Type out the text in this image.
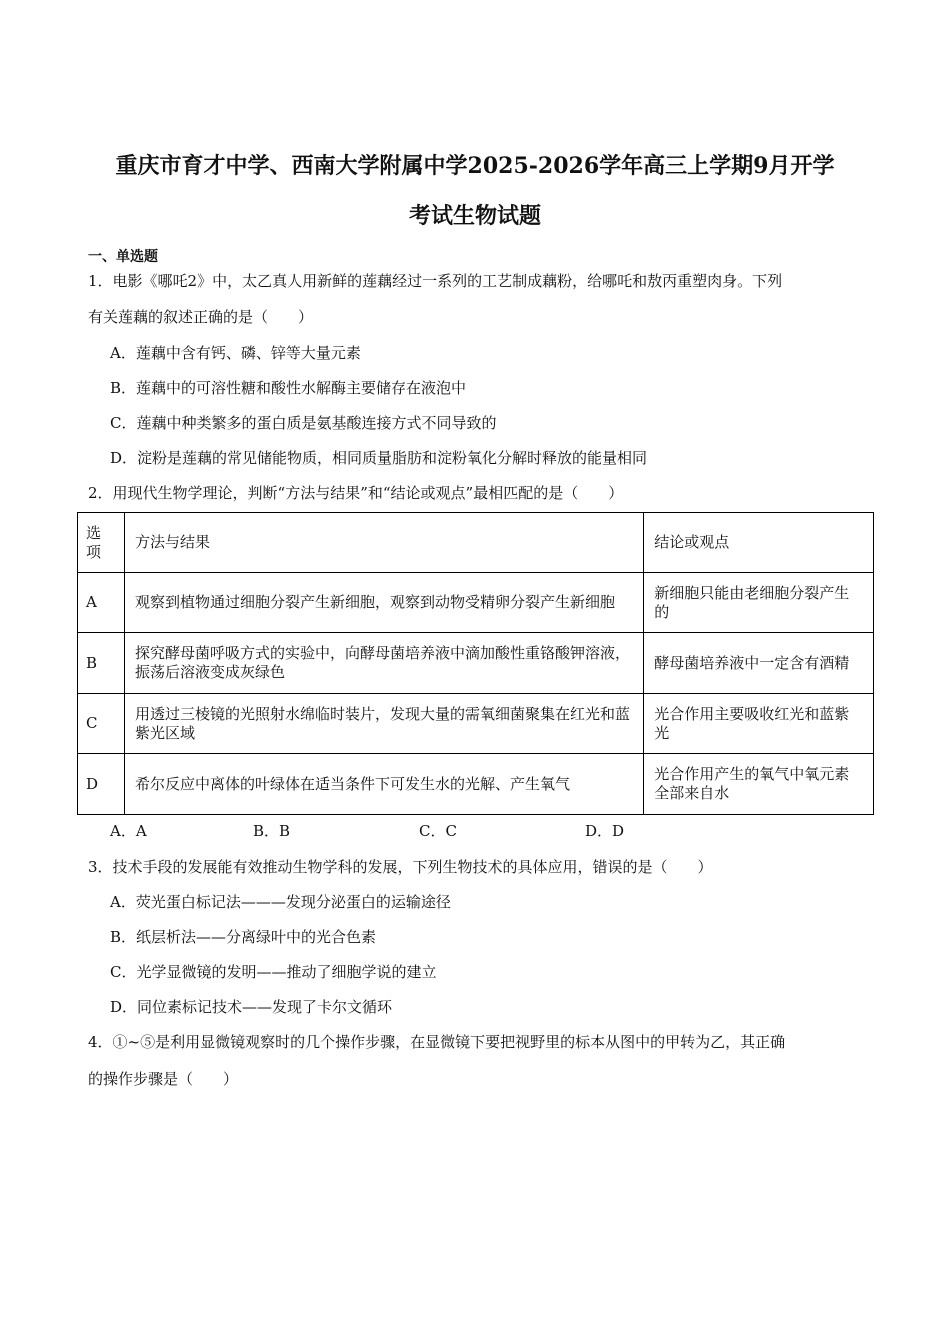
重庆市育才中学、西南大学附属中学2025-2026学年高三上学期9月开学
考试生物试题
一、单选题
1．电影《哪吒2》中，太乙真人用新鲜的莲藕经过一系列的工艺制成藕粉，给哪吒和敖丙重塑肉身。下列
有关莲藕的叙述正确的是（　　）
A．莲藕中含有钙、磷、锌等大量元素
B．莲藕中的可溶性糖和酸性水解酶主要储存在液泡中
C．莲藕中种类繁多的蛋白质是氨基酸连接方式不同导致的
D．淀粉是莲藕的常见储能物质，相同质量脂肪和淀粉氧化分解时释放的能量相同
2．用现代生物学理论，判断“方法与结果”和“结论或观点”最相匹配的是（　　）
选
项	方法与结果	结论或观点
A	观察到植物通过细胞分裂产生新细胞，观察到动物受精卵分裂产生新细胞	新细胞只能由老细胞分裂产生的
B	探究酵母菌呼吸方式的实验中，向酵母菌培养液中滴加酸性重铬酸钾溶液，振荡后溶液变成灰绿色	酵母菌培养液中一定含有酒精
C	用透过三棱镜的光照射水绵临时装片，发现大量的需氧细菌聚集在红光和蓝紫光区域	光合作用主要吸收红光和蓝紫光
D	希尔反应中离体的叶绿体在适当条件下可发生水的光解、产生氧气	光合作用产生的氧气中氧元素全部来自水
A．A	B．B	C．C	D．D
3．技术手段的发展能有效推动生物学科的发展，下列生物技术的具体应用，错误的是（　　）
A．荧光蛋白标记法———发现分泌蛋白的运输途径
B．纸层析法——分离绿叶中的光合色素
C．光学显微镜的发明——推动了细胞学说的建立
D．同位素标记技术——发现了卡尔文循环
4．①~⑤是利用显微镜观察时的几个操作步骤，在显微镜下要把视野里的标本从图中的甲转为乙，其正确
的操作步骤是（　　）
